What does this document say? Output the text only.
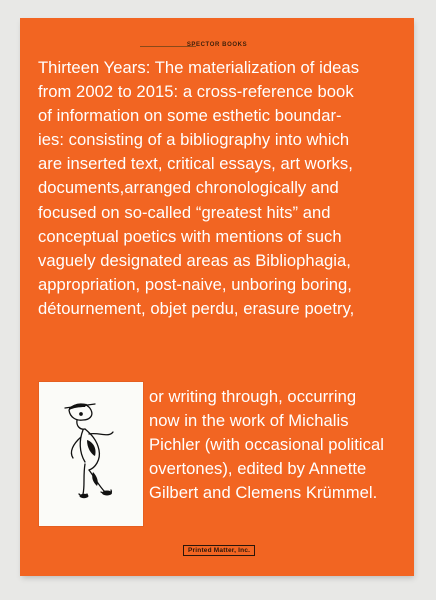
SPECTOR BOOKS
Thirteen Years: The materialization of ideas
from 2002 to 2015: a cross-reference book
of information on some esthetic boundar-
ies: consisting of a bibliography into which
are inserted text, critical essays, art works,
documents,arranged chronologically and
focused on so-called “greatest hits” and
conceptual poetics with mentions of such
vaguely designated areas as Bibliophagia,
appropriation, post-naive, unboring boring,
détournement, objet perdu, erasure poetry,
or writing through, occurring
now in the work of Michalis
Pichler (with occasional political
overtones), edited by Annette
Gilbert and Clemens Krümmel.
Printed Matter, Inc.
